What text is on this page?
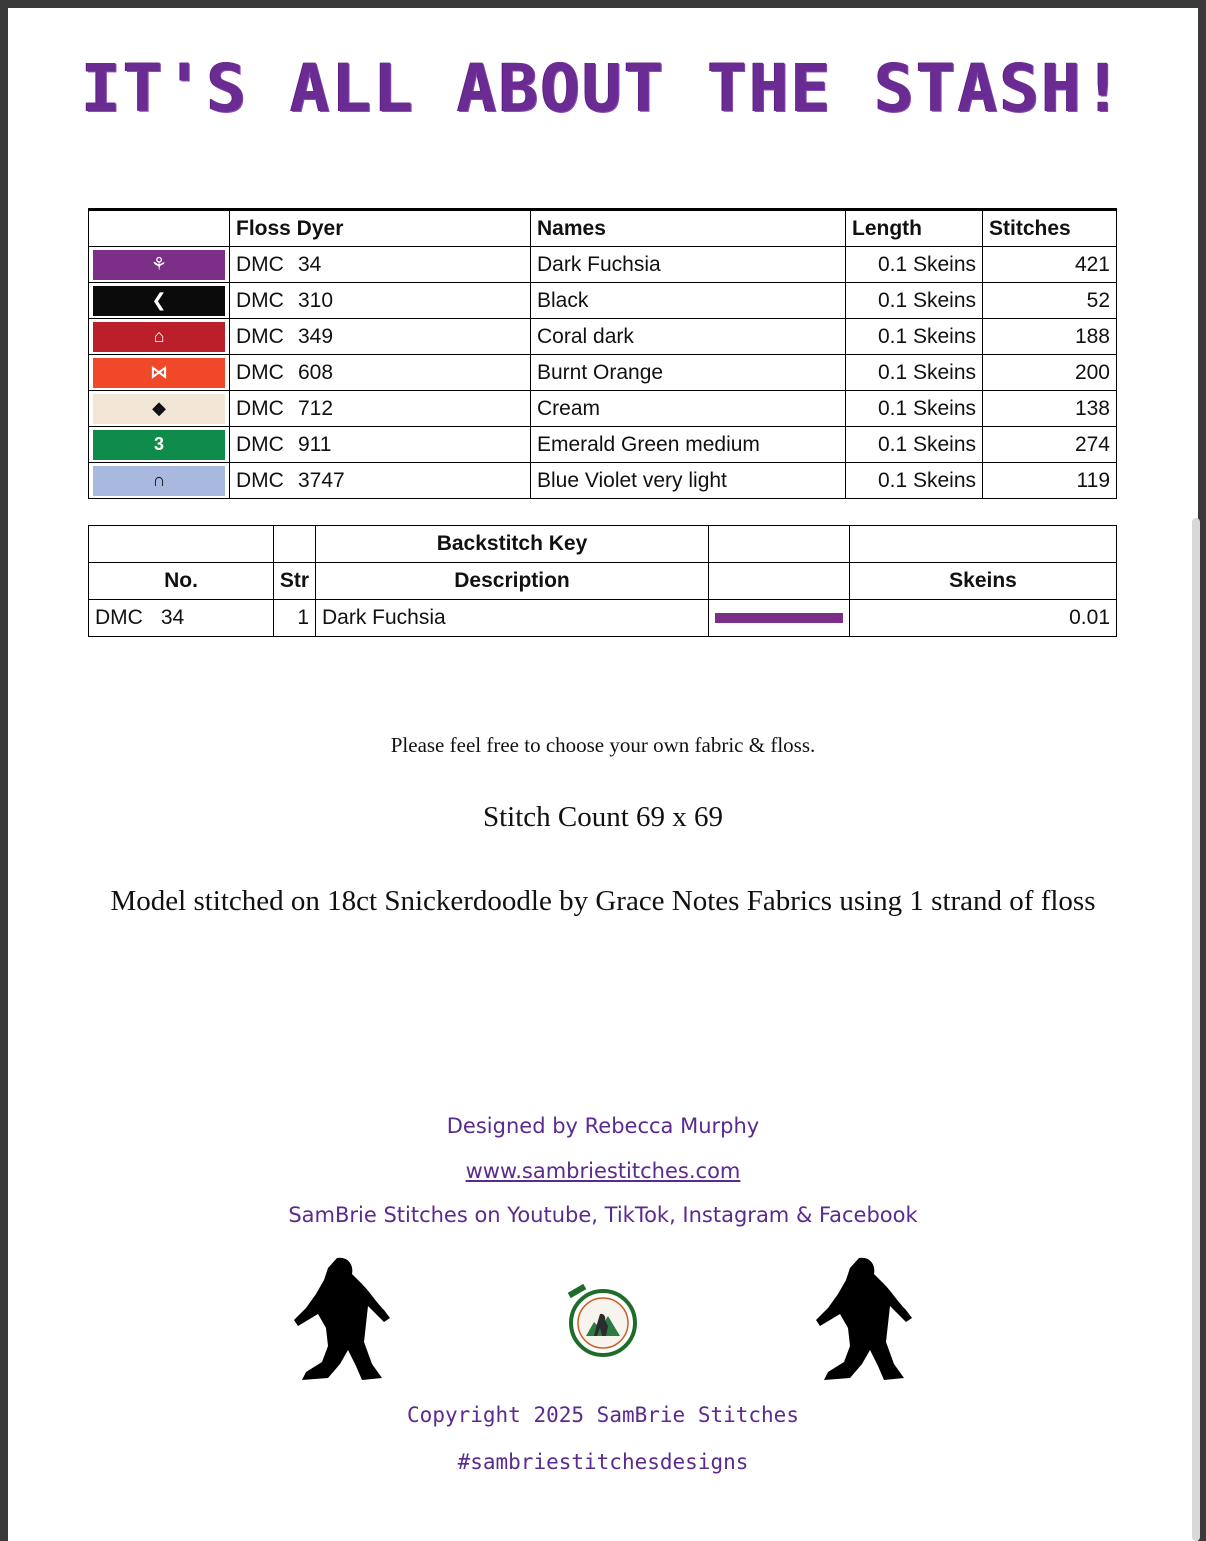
IT'S ALL ABOUT THE STASH!
	Floss Dyer	Names	Length	Stitches

⚘	DMC 34	Dark Fuchsia	0.1 Skeins	421

❮	DMC 310	Black	0.1 Skeins	52

⌂	DMC 349	Coral dark	0.1 Skeins	188

⋈	DMC 608	Burnt Orange	0.1 Skeins	200

◆	DMC 712	Cream	0.1 Skeins	138

3	DMC 911	Emerald Green medium	0.1 Skeins	274

∩	DMC 3747	Blue Violet very light	0.1 Skeins	119
		Backstitch Key		
No.	Str	Description		Skeins
DMC 34	1	Dark Fuchsia		0.01
Please feel free to choose your own fabric & floss.
Stitch Count 69 x 69
Model stitched on 18ct Snickerdoodle by Grace Notes Fabrics using 1 strand of floss
Designed by Rebecca Murphy
www.sambriestitches.com
SamBrie Stitches on Youtube, TikTok, Instagram & Facebook
Copyright 2025 SamBrie Stitches
#sambriestitchesdesigns
